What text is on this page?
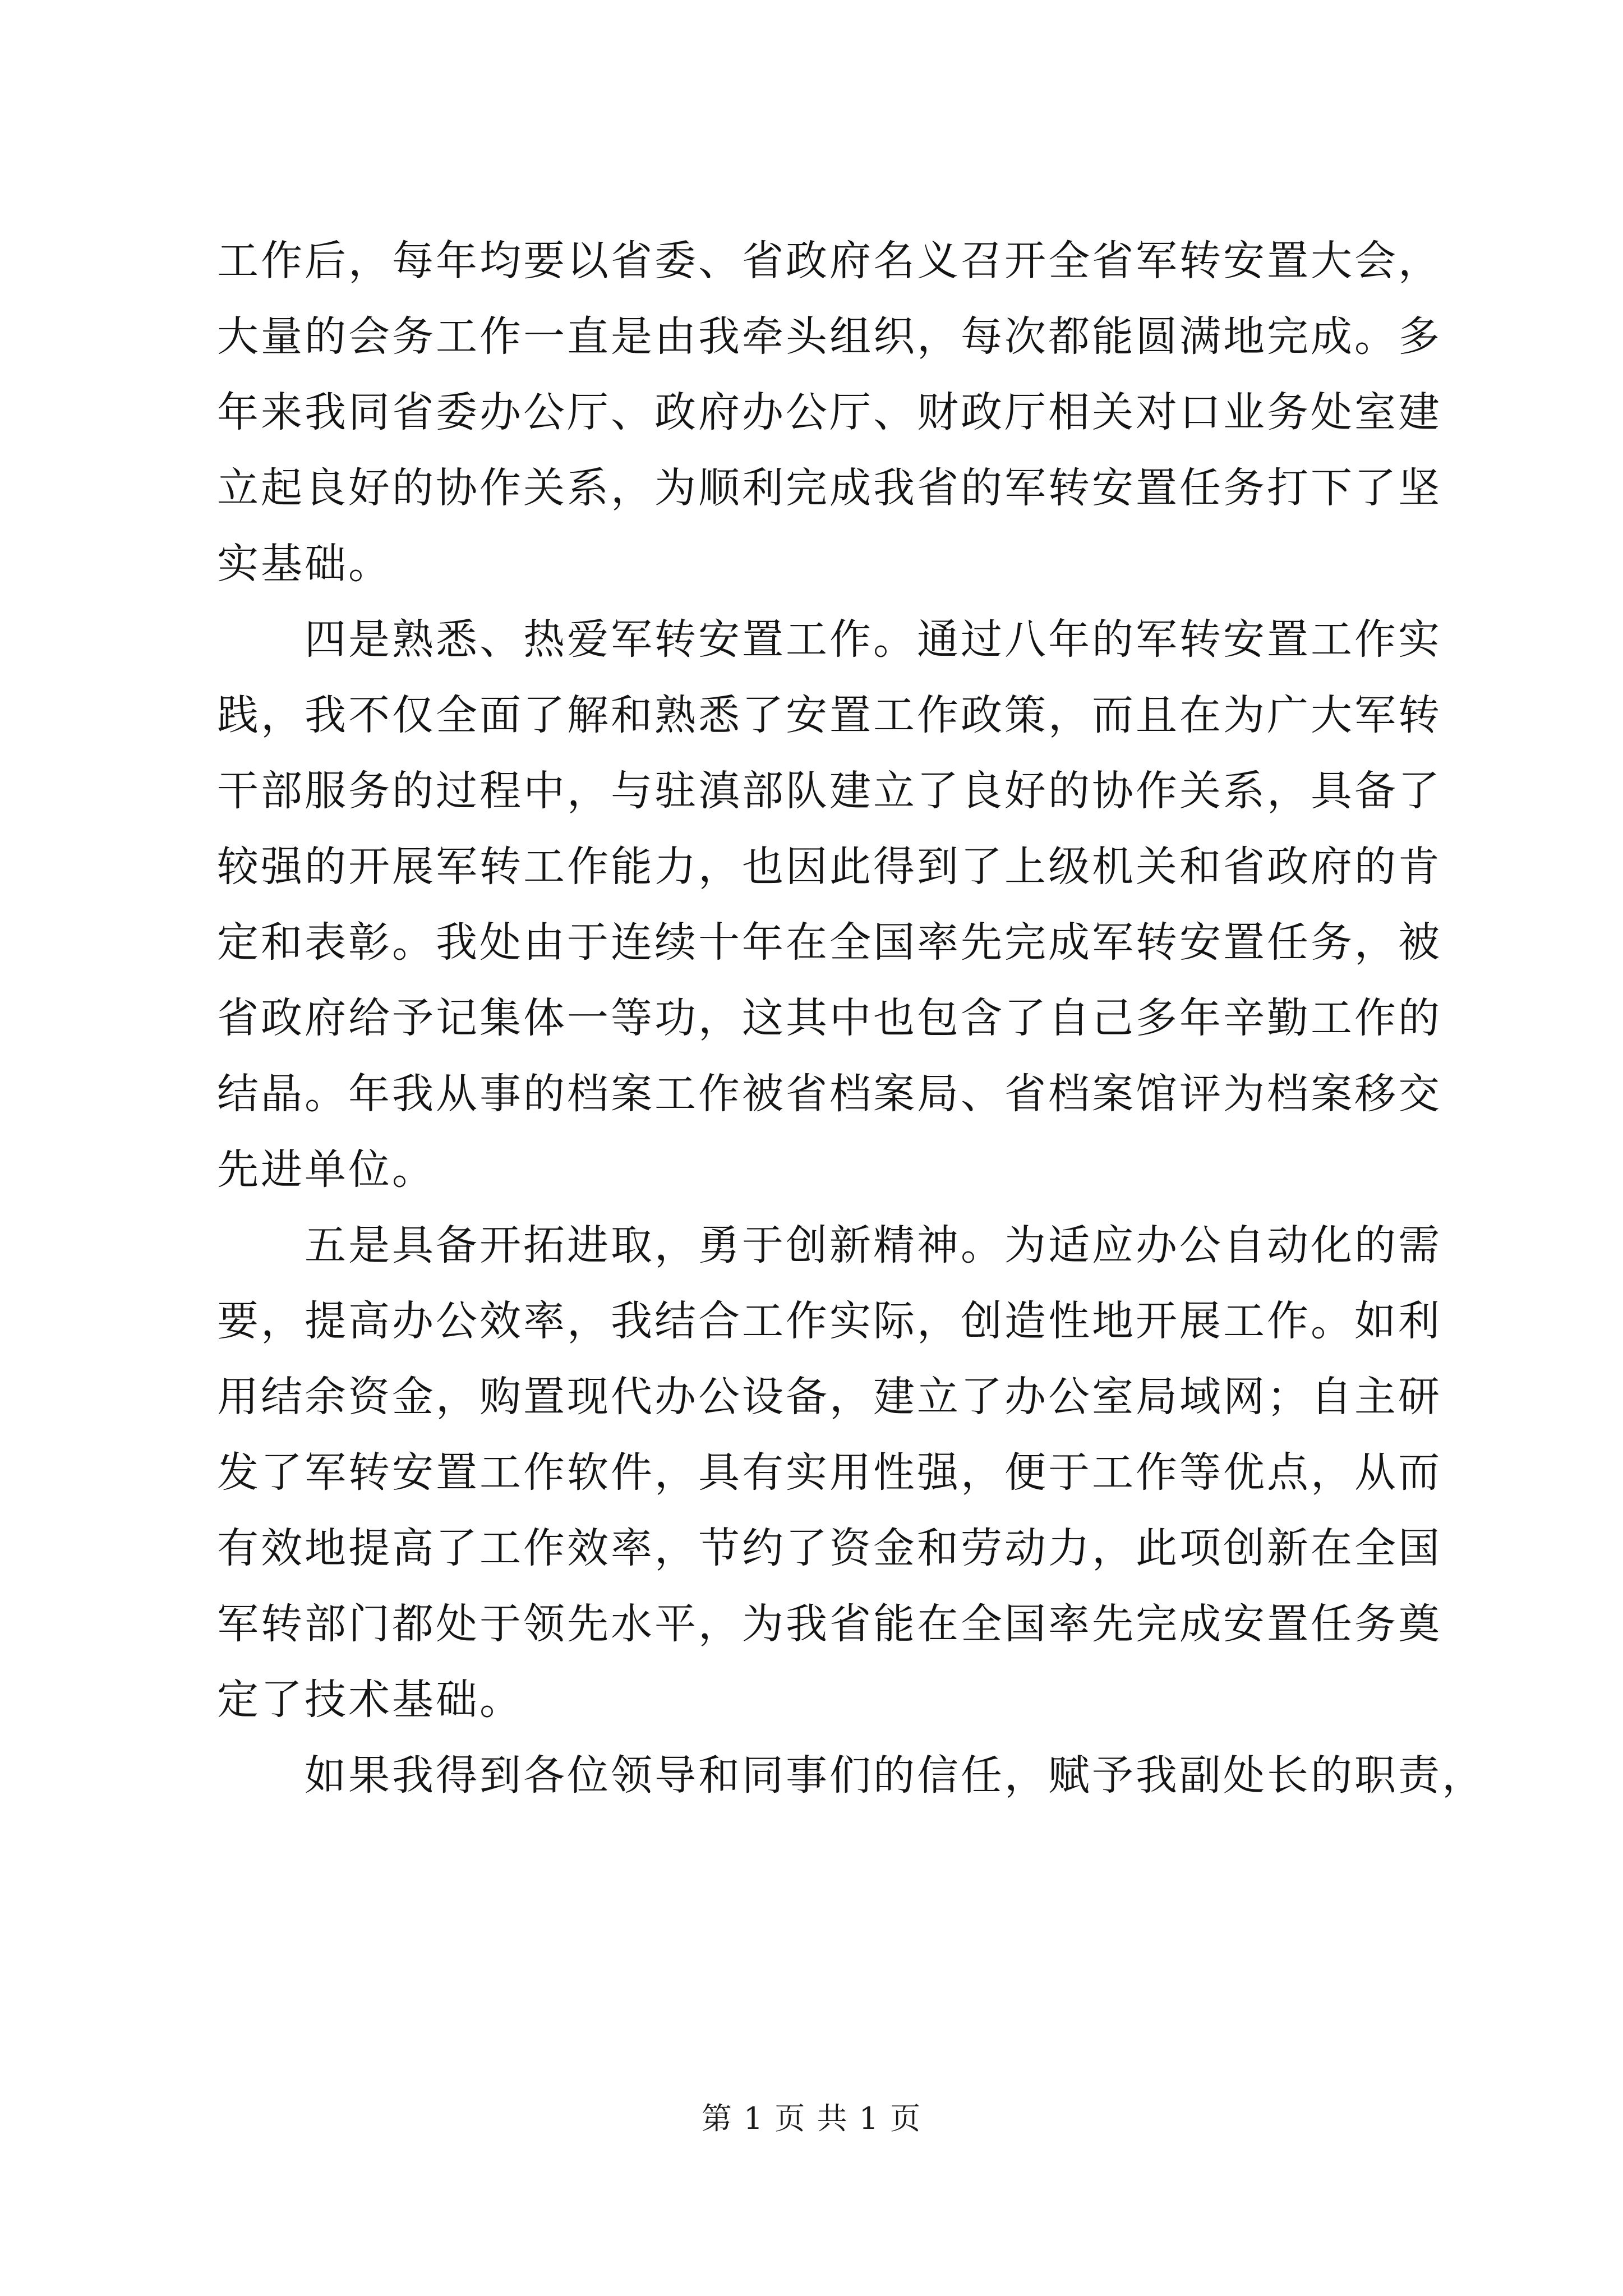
工作后，每年均要以省委、省政府名义召开全省军转安置大会，
大量的会务工作一直是由我牵头组织，每次都能圆满地完成。多
年来我同省委办公厅、政府办公厅、财政厅相关对口业务处室建
立起良好的协作关系，为顺利完成我省的军转安置任务打下了坚
实基础。

四是熟悉、热爱军转安置工作。通过八年的军转安置工作实
践，我不仅全面了解和熟悉了安置工作政策，而且在为广大军转
干部服务的过程中，与驻滇部队建立了良好的协作关系，具备了
较强的开展军转工作能力，也因此得到了上级机关和省政府的肯
定和表彰。我处由于连续十年在全国率先完成军转安置任务，被
省政府给予记集体一等功，这其中也包含了自己多年辛勤工作的
结晶。年我从事的档案工作被省档案局、省档案馆评为档案移交
先进单位。

五是具备开拓进取，勇于创新精神。为适应办公自动化的需
要，提高办公效率，我结合工作实际，创造性地开展工作。如利
用结余资金，购置现代办公设备，建立了办公室局域网；自主研
发了军转安置工作软件，具有实用性强，便于工作等优点，从而
有效地提高了工作效率，节约了资金和劳动力，此项创新在全国
军转部门都处于领先水平，为我省能在全国率先完成安置任务奠
定了技术基础。

如果我得到各位领导和同事们的信任，赋予我副处长的职责，

第 1 页 共 1 页
